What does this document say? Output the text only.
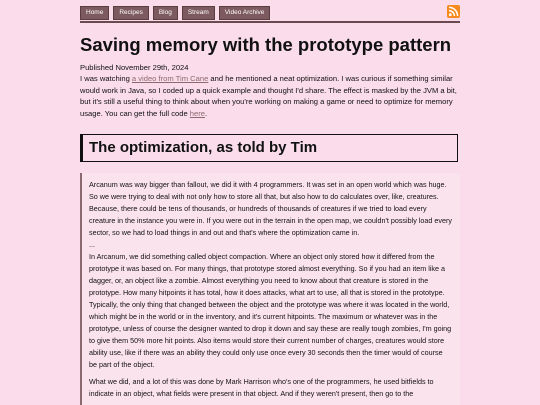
Home	Recipes	Blog	Stream	Video Archive
Saving memory with the prototype pattern
Published November 29th, 2024
I was watching a video from Tim Cane and he mentioned a neat optimization. I was curious if something similar would work in Java, so I coded up a quick example and thought I'd share. The effect is masked by the JVM a bit, but it's still a useful thing to think about when you're working on making a game or need to optimize for memory usage. You can get the full code here.
The optimization, as told by Tim

Arcanum was way bigger than fallout, we did it with 4 programmers. It was set in an open world which was huge. So we were trying to deal with not only how to store all that, but also how to do calculates over, like, creatures. Because, there could be tens of thousands, or hundreds of thousands of creatures if we tried to load every creature in the instance you were in. If you were out in the terrain in the open map, we couldn't possibly load every sector, so we had to load things in and out and that's where the optimization came in.

...

In Arcanum, we did something called object compaction. Where an object only stored how it differed from the prototype it was based on. For many things, that prototype stored almost everything. So if you had an item like a dagger, or, an object like a zombie. Almost everything you need to know about that creature is stored in the prototype. How many hitpoints it has total, how it does attacks, what art to use, all that is stored in the prototype. Typically, the only thing that changed between the object and the prototype was where it was located in the world, which might be in the world or in the inventory, and it's current hitpoints. The maximum or whatever was in the prototype, unless of course the designer wanted to drop it down and say these are really tough zombies, I'm going to give them 50% more hit points. Also items would store their current number of charges, creatures would store ability use, like if there was an ability they could only use once every 30 seconds then the timer would of course be part of the object.

What we did, and a lot of this was done by Mark Harrison who's one of the programmers, he used bitfields to indicate in an object, what fields were present in that object. And if they weren't present, then go to the
